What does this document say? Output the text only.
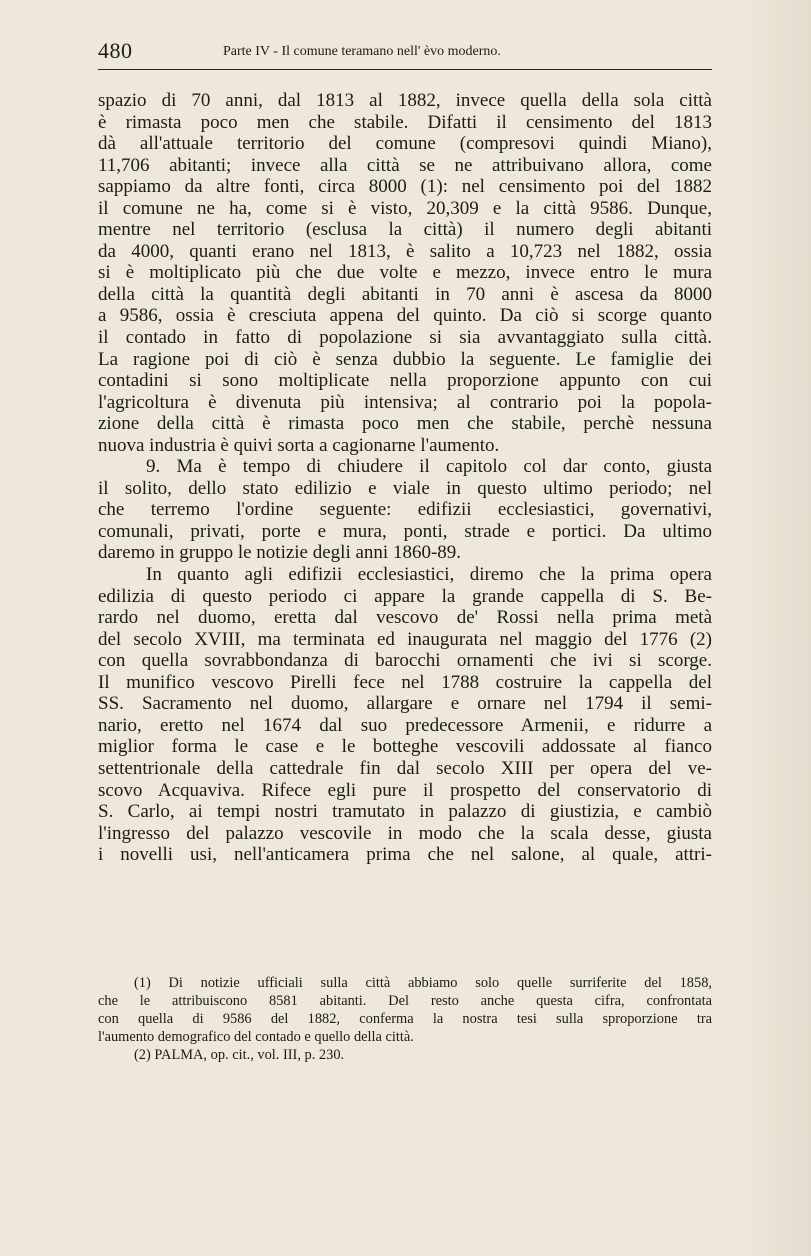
480	Parte IV - Il comune teramano nell' èvo moderno.
spazio di 70 anni, dal 1813 al 1882, invece quella della sola città
è rimasta poco men che stabile. Difatti il censimento del 1813
dà all'attuale territorio del comune (compresovi quindi Miano),
11,706 abitanti; invece alla città se ne attribuivano allora, come
sappiamo da altre fonti, circa 8000 (1): nel censimento poi del 1882
il comune ne ha, come si è visto, 20,309 e la città 9586. Dunque,
mentre nel territorio (esclusa la città) il numero degli abitanti
da 4000, quanti erano nel 1813, è salito a 10,723 nel 1882, ossia
si è moltiplicato più che due volte e mezzo, invece entro le mura
della città la quantità degli abitanti in 70 anni è ascesa da 8000
a 9586, ossia è cresciuta appena del quinto. Da ciò si scorge quanto
il contado in fatto di popolazione si sia avvantaggiato sulla città.
La ragione poi di ciò è senza dubbio la seguente. Le famiglie dei
contadini si sono moltiplicate nella proporzione appunto con cui
l'agricoltura è divenuta più intensiva; al contrario poi la popola-
zione della città è rimasta poco men che stabile, perchè nessuna
nuova industria è quivi sorta a cagionarne l'aumento.
9. Ma è tempo di chiudere il capitolo col dar conto, giusta
il solito, dello stato edilizio e viale in questo ultimo periodo; nel
che terremo l'ordine seguente: edifizii ecclesiastici, governativi,
comunali, privati, porte e mura, ponti, strade e portici. Da ultimo
daremo in gruppo le notizie degli anni 1860-89.
In quanto agli edifizii ecclesiastici, diremo che la prima opera
edilizia di questo periodo ci appare la grande cappella di S. Be-
rardo nel duomo, eretta dal vescovo de' Rossi nella prima metà
del secolo XVIII, ma terminata ed inaugurata nel maggio del 1776 (2)
con quella sovrabbondanza di barocchi ornamenti che ivi si scorge.
Il munifico vescovo Pirelli fece nel 1788 costruire la cappella del
SS. Sacramento nel duomo, allargare e ornare nel 1794 il semi-
nario, eretto nel 1674 dal suo predecessore Armenii, e ridurre a
miglior forma le case e le botteghe vescovili addossate al fianco
settentrionale della cattedrale fin dal secolo XIII per opera del ve-
scovo Acquaviva. Rifece egli pure il prospetto del conservatorio di
S. Carlo, ai tempi nostri tramutato in palazzo di giustizia, e cambiò
l'ingresso del palazzo vescovile in modo che la scala desse, giusta
i novelli usi, nell'anticamera prima che nel salone, al quale, attri-
(1) Di notizie ufficiali sulla città abbiamo solo quelle surriferite del 1858,
che le attribuiscono 8581 abitanti. Del resto anche questa cifra, confrontata
con quella di 9586 del 1882, conferma la nostra tesi sulla sproporzione tra
l'aumento demografico del contado e quello della città.
(2) PALMA, op. cit., vol. III, p. 230.
